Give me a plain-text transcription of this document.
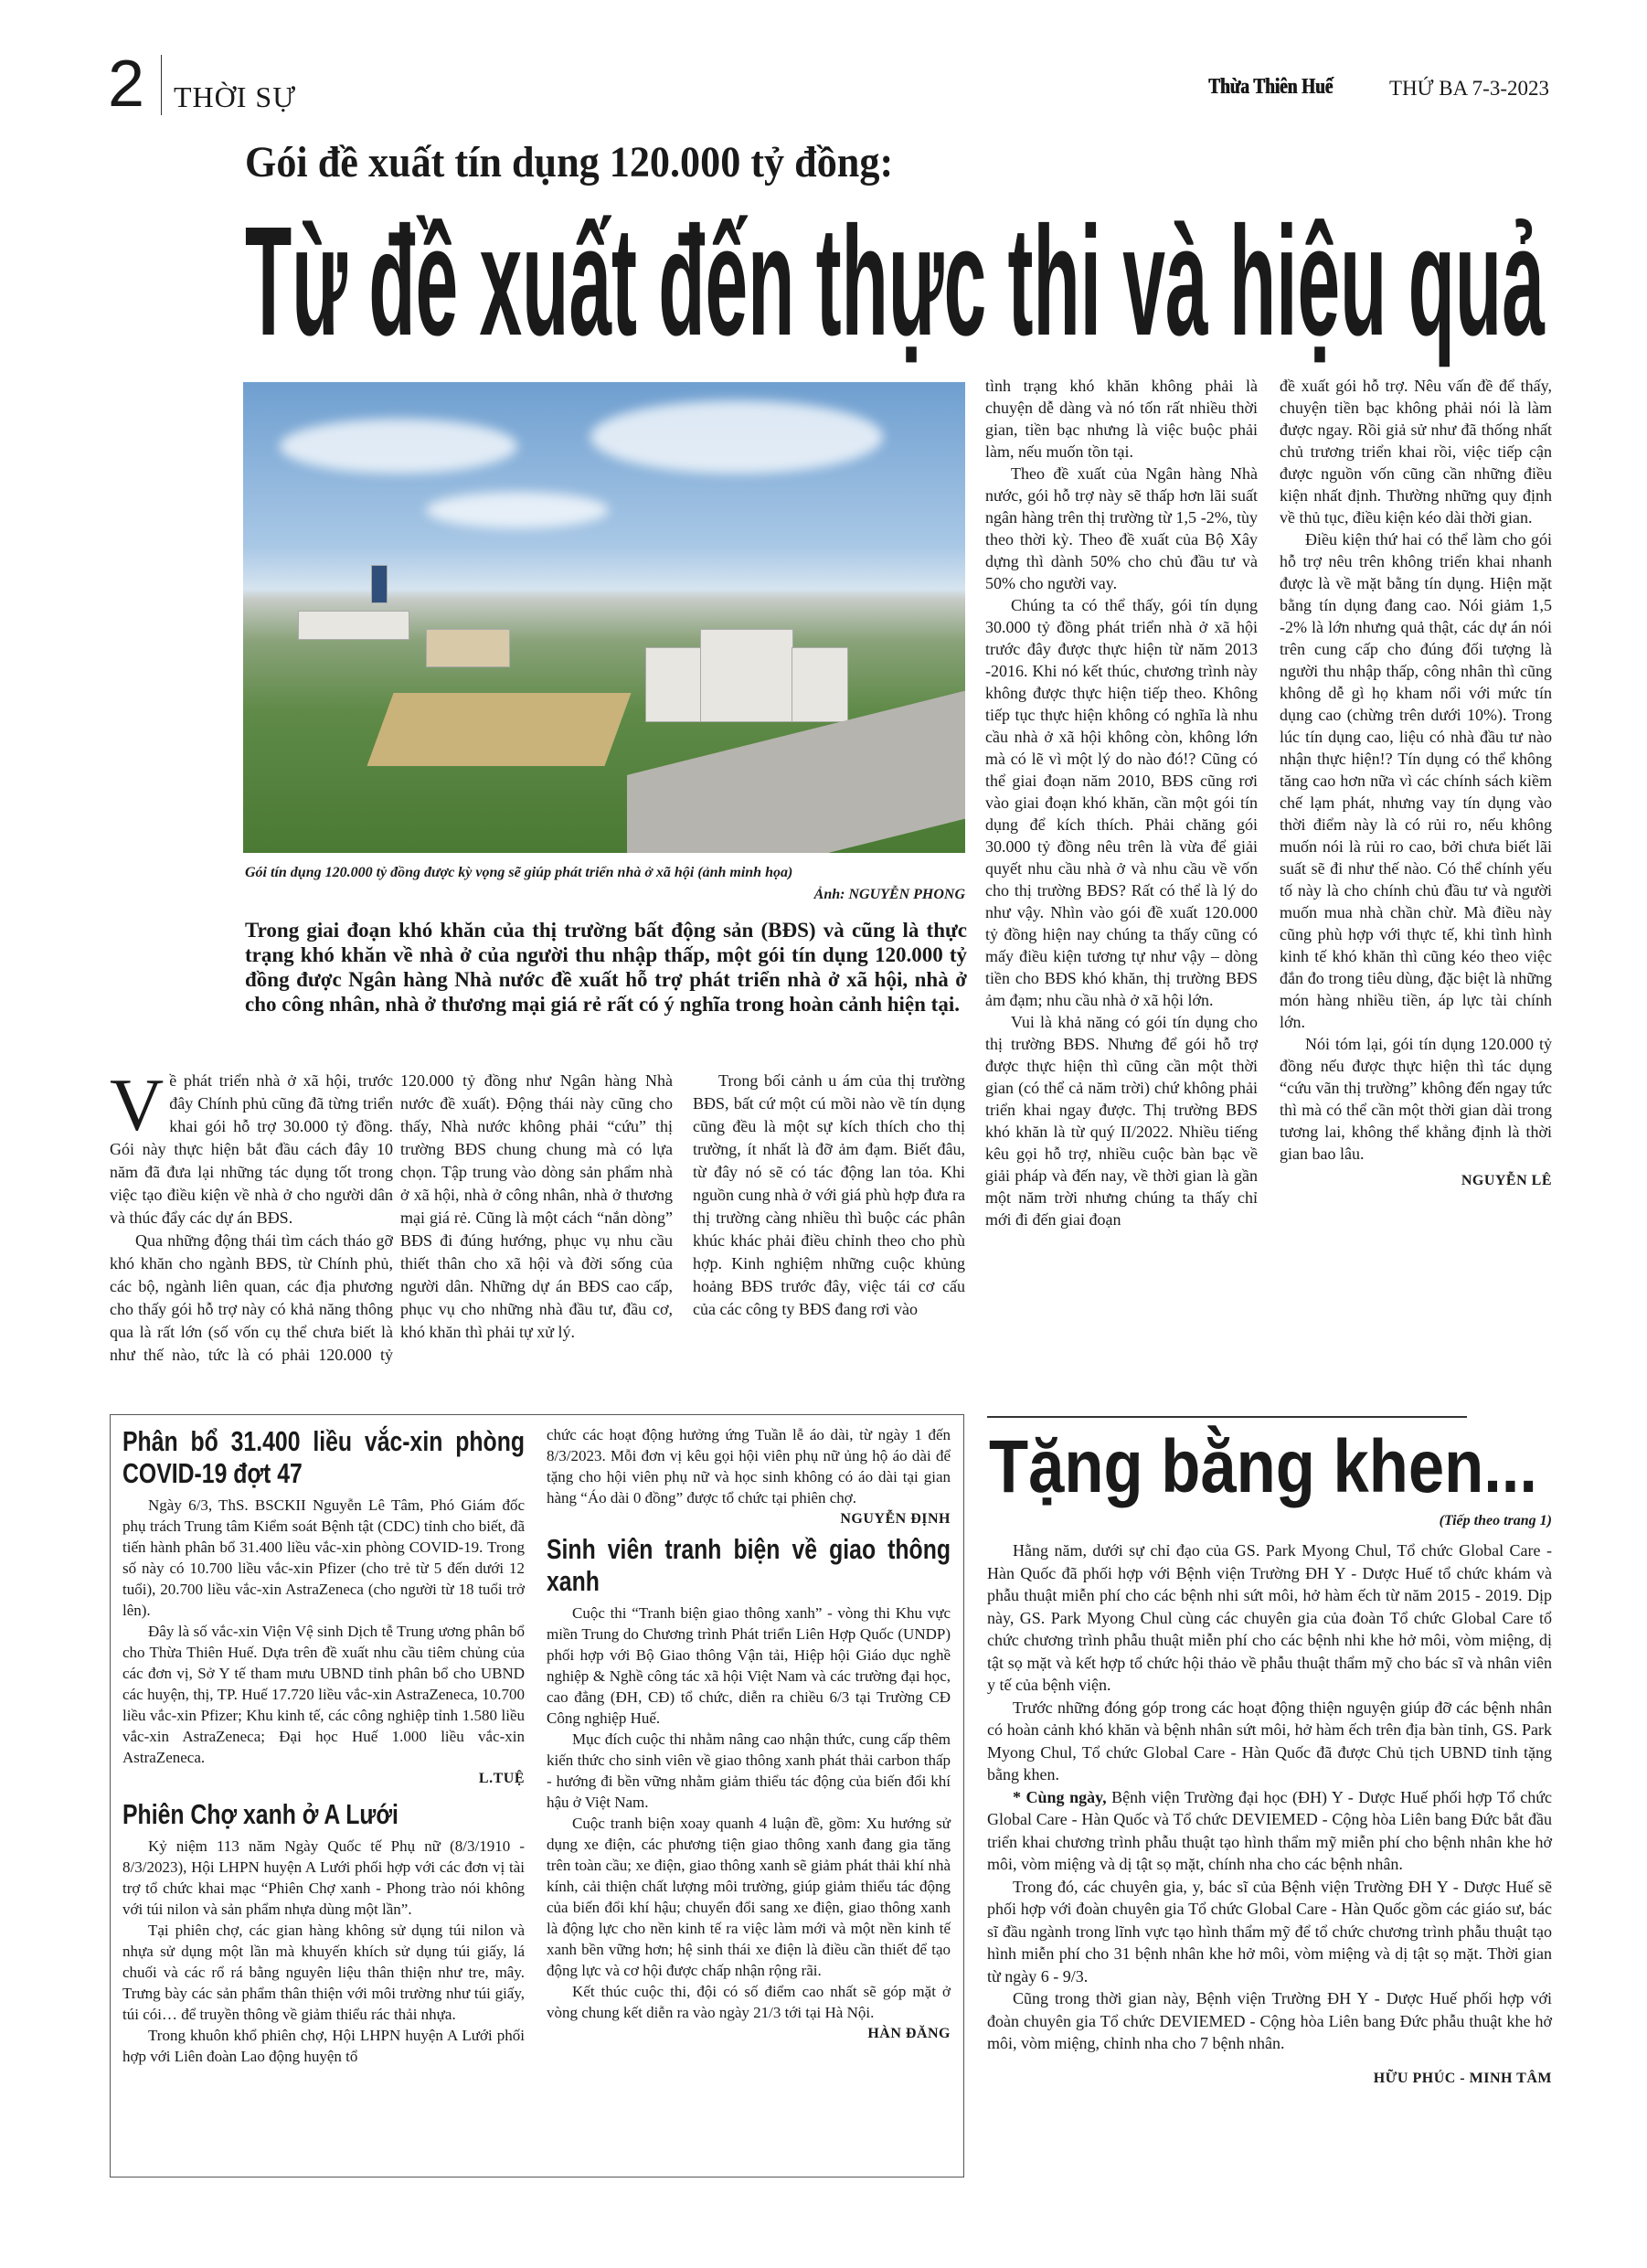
2 THỜI SỰ	Thừa Thiên Huế	THỨ BA 7-3-2023
Gói đề xuất tín dụng 120.000 tỷ đồng:
Từ đề xuất đến thực thi và hiệu quả
Gói tín dụng 120.000 tỷ đồng được kỳ vọng sẽ giúp phát triển nhà ở xã hội (ảnh minh họa)
Ảnh: NGUYỄN PHONG
Trong giai đoạn khó khăn của thị trường bất động sản (BĐS) và cũng là thực trạng khó khăn về nhà ở của người thu nhập thấp, một gói tín dụng 120.000 tỷ đồng được Ngân hàng Nhà nước đề xuất hỗ trợ phát triển nhà ở xã hội, nhà ở cho công nhân, nhà ở thương mại giá rẻ rất có ý nghĩa trong hoàn cảnh hiện tại.
V ề phát triển nhà ở xã hội, trước đây Chính phủ cũng đã từng triển khai gói hỗ trợ 30.000 tỷ đồng. Gói này thực hiện bắt đầu cách đây 10 năm đã đưa lại những tác dụng tốt trong việc tạo điều kiện về nhà ở cho người dân và thúc đẩy các dự án BĐS.

Qua những động thái tìm cách tháo gỡ khó khăn cho ngành BĐS, từ Chính phủ, các bộ, ngành liên quan, các địa phương cho thấy gói hỗ trợ này có khả năng thông qua là rất lớn (số vốn cụ thể chưa biết là như thế nào, tức là có phải 120.000 tỷ

120.000 tỷ đồng như Ngân hàng Nhà nước đề xuất). Động thái này cũng cho thấy, Nhà nước không phải “cứu” thị trường BĐS chung chung mà có lựa chọn. Tập trung vào dòng sản phẩm nhà ở xã hội, nhà ở công nhân, nhà ở thương mại giá rẻ. Cũng là một cách “nắn dòng” BĐS đi đúng hướng, phục vụ nhu cầu thiết thân cho xã hội và đời sống của người dân. Những dự án BĐS cao cấp, phục vụ cho những nhà đầu tư, đầu cơ, khó khăn thì phải tự xử lý.

Trong bối cảnh u ám của thị trường BĐS, bất cứ một cú mồi nào về tín dụng cũng đều là một sự kích thích cho thị trường, ít nhất là đỡ ảm đạm. Biết đâu, từ đây nó sẽ có tác động lan tỏa. Khi nguồn cung nhà ở với giá phù hợp đưa ra thị trường càng nhiều thì buộc các phân khúc khác phải điều chỉnh theo cho phù hợp. Kinh nghiệm những cuộc khủng hoảng BĐS trước đây, việc tái cơ cấu của các công ty BĐS đang rơi vào

tình trạng khó khăn không phải là chuyện dễ dàng và nó tốn rất nhiều thời gian, tiền bạc nhưng là việc buộc phải làm, nếu muốn tồn tại.

Theo đề xuất của Ngân hàng Nhà nước, gói hỗ trợ này sẽ thấp hơn lãi suất ngân hàng trên thị trường từ 1,5 -2%, tùy theo thời kỳ. Theo đề xuất của Bộ Xây dựng thì dành 50% cho chủ đầu tư và 50% cho người vay.

Chúng ta có thể thấy, gói tín dụng 30.000 tỷ đồng phát triển nhà ở xã hội trước đây được thực hiện từ năm 2013 -2016. Khi nó kết thúc, chương trình này không được thực hiện tiếp theo. Không tiếp tục thực hiện không có nghĩa là nhu cầu nhà ở xã hội không còn, không lớn mà có lẽ vì một lý do nào đó!? Cũng có thể giai đoạn năm 2010, BĐS cũng rơi vào giai đoạn khó khăn, cần một gói tín dụng để kích thích. Phải chăng gói 30.000 tỷ đồng nêu trên là vừa để giải quyết nhu cầu nhà ở và nhu cầu về vốn cho thị trường BĐS? Rất có thể là lý do như vậy. Nhìn vào gói đề xuất 120.000 tỷ đồng hiện nay chúng ta thấy cũng có mấy điều kiện tương tự như vậy – dòng tiền cho BĐS khó khăn, thị trường BĐS ảm đạm; nhu cầu nhà ở xã hội lớn.

Vui là khả năng có gói tín dụng cho thị trường BĐS. Nhưng để gói hỗ trợ được thực hiện thì cũng cần một thời gian (có thể cả năm trời) chứ không phải triển khai ngay được. Thị trường BĐS khó khăn là từ quý II/2022. Nhiều tiếng kêu gọi hỗ trợ, nhiều cuộc bàn bạc về giải pháp và đến nay, về thời gian là gần một năm trời nhưng chúng ta thấy chỉ mới đi đến giai đoạn

đề xuất gói hỗ trợ. Nêu vấn đề để thấy, chuyện tiền bạc không phải nói là làm được ngay. Rồi giả sử như đã thống nhất chủ trương triển khai rồi, việc tiếp cận được nguồn vốn cũng cần những điều kiện nhất định. Thường những quy định về thủ tục, điều kiện kéo dài thời gian.

Điều kiện thứ hai có thể làm cho gói hỗ trợ nêu trên không triển khai nhanh được là về mặt bằng tín dụng. Hiện mặt bằng tín dụng đang cao. Nói giảm 1,5 -2% là lớn nhưng quả thật, các dự án nói trên cung cấp cho đúng đối tượng là người thu nhập thấp, công nhân thì cũng không dễ gì họ kham nổi với mức tín dụng cao (chừng trên dưới 10%). Trong lúc tín dụng cao, liệu có nhà đầu tư nào nhận thực hiện!? Tín dụng có thể không tăng cao hơn nữa vì các chính sách kiềm chế lạm phát, nhưng vay tín dụng vào thời điểm này là có rủi ro, nếu không muốn nói là rủi ro cao, bởi chưa biết lãi suất sẽ đi như thế nào. Có thể chính yếu tố này là cho chính chủ đầu tư và người muốn mua nhà chần chừ. Mà điều này cũng phù hợp với thực tế, khi tình hình kinh tế khó khăn thì cũng kéo theo việc đắn đo trong tiêu dùng, đặc biệt là những món hàng nhiều tiền, áp lực tài chính lớn.

Nói tóm lại, gói tín dụng 120.000 tỷ đồng nếu được thực hiện thì tác dụng “cứu vãn thị trường” không đến ngay tức thì mà có thể cần một thời gian dài trong tương lai, không thể khẳng định là thời gian bao lâu.

NGUYỄN LÊ

Phân bổ 31.400 liều vắc-xin phòng COVID-19 đợt 47

Ngày 6/3, ThS. BSCKII Nguyễn Lê Tâm, Phó Giám đốc phụ trách Trung tâm Kiểm soát Bệnh tật (CDC) tỉnh cho biết, đã tiến hành phân bổ 31.400 liều vắc-xin phòng COVID-19. Trong số này có 10.700 liều vắc-xin Pfizer (cho trẻ từ 5 đến dưới 12 tuổi), 20.700 liều vắc-xin AstraZeneca (cho người từ 18 tuổi trở lên).

Đây là số vắc-xin Viện Vệ sinh Dịch tễ Trung ương phân bổ cho Thừa Thiên Huế. Dựa trên đề xuất nhu cầu tiêm chủng của các đơn vị, Sở Y tế tham mưu UBND tỉnh phân bổ cho UBND các huyện, thị, TP. Huế 17.720 liều vắc-xin AstraZeneca, 10.700 liều vắc-xin Pfizer; Khu kinh tế, các công nghiệp tỉnh 1.580 liều vắc-xin AstraZeneca; Đại học Huế 1.000 liều vắc-xin AstraZeneca.

L.TUỆ

Phiên Chợ xanh ở A Lưới

Kỷ niệm 113 năm Ngày Quốc tế Phụ nữ (8/3/1910 - 8/3/2023), Hội LHPN huyện A Lưới phối hợp với các đơn vị tài trợ tổ chức khai mạc “Phiên Chợ xanh - Phong trào nói không với túi nilon và sản phẩm nhựa dùng một lần”.

Tại phiên chợ, các gian hàng không sử dụng túi nilon và nhựa sử dụng một lần mà khuyến khích sử dụng túi giấy, lá chuối và các rổ rá bằng nguyên liệu thân thiện như tre, mây. Trưng bày các sản phẩm thân thiện với môi trường như túi giấy, túi cói… để truyền thông về giảm thiểu rác thải nhựa.

Trong khuôn khổ phiên chợ, Hội LHPN huyện A Lưới phối hợp với Liên đoàn Lao động huyện tổ

chức các hoạt động hưởng ứng Tuần lễ áo dài, từ ngày 1 đến 8/3/2023. Mỗi đơn vị kêu gọi hội viên phụ nữ ủng hộ áo dài để tặng cho hội viên phụ nữ và học sinh không có áo dài tại gian hàng “Áo dài 0 đồng” được tổ chức tại phiên chợ.

NGUYỄN ĐỊNH

Sinh viên tranh biện về giao thông xanh

Cuộc thi “Tranh biện giao thông xanh” - vòng thi Khu vực miền Trung do Chương trình Phát triển Liên Hợp Quốc (UNDP) phối hợp với Bộ Giao thông Vận tải, Hiệp hội Giáo dục nghề nghiệp & Nghề công tác xã hội Việt Nam và các trường đại học, cao đẳng (ĐH, CĐ) tổ chức, diễn ra chiều 6/3 tại Trường CĐ Công nghiệp Huế.

Mục đích cuộc thi nhằm nâng cao nhận thức, cung cấp thêm kiến thức cho sinh viên về giao thông xanh phát thải carbon thấp - hướng đi bền vững nhằm giảm thiểu tác động của biến đổi khí hậu ở Việt Nam.

Cuộc tranh biện xoay quanh 4 luận đề, gồm: Xu hướng sử dụng xe điện, các phương tiện giao thông xanh đang gia tăng trên toàn cầu; xe điện, giao thông xanh sẽ giảm phát thải khí nhà kính, cải thiện chất lượng môi trường, giúp giảm thiểu tác động của biến đổi khí hậu; chuyển đổi sang xe điện, giao thông xanh là động lực cho nền kinh tế ra việc làm mới và một nền kinh tế xanh bền vững hơn; hệ sinh thái xe điện là điều cần thiết để tạo động lực và cơ hội được chấp nhận rộng rãi.

Kết thúc cuộc thi, đội có số điểm cao nhất sẽ góp mặt ở vòng chung kết diễn ra vào ngày 21/3 tới tại Hà Nội.

HÀN ĐĂNG

Tặng bằng khen...
(Tiếp theo trang 1)

Hằng năm, dưới sự chỉ đạo của GS. Park Myong Chul, Tổ chức Global Care - Hàn Quốc đã phối hợp với Bệnh viện Trường ĐH Y - Dược Huế tổ chức khám và phẫu thuật miễn phí cho các bệnh nhi sứt môi, hở hàm ếch từ năm 2015 - 2019. Dịp này, GS. Park Myong Chul cùng các chuyên gia của đoàn Tổ chức Global Care tổ chức chương trình phẫu thuật miễn phí cho các bệnh nhi khe hở môi, vòm miệng, dị tật sọ mặt và kết hợp tổ chức hội thảo về phẫu thuật thẩm mỹ cho bác sĩ và nhân viên y tế của bệnh viện.

Trước những đóng góp trong các hoạt động thiện nguyện giúp đỡ các bệnh nhân có hoàn cảnh khó khăn và bệnh nhân sứt môi, hở hàm ếch trên địa bàn tỉnh, GS. Park Myong Chul, Tổ chức Global Care - Hàn Quốc đã được Chủ tịch UBND tỉnh tặng bằng khen.

* Cùng ngày, Bệnh viện Trường đại học (ĐH) Y - Dược Huế phối hợp Tổ chức Global Care - Hàn Quốc và Tổ chức DEVIEMED - Cộng hòa Liên bang Đức bắt đầu triển khai chương trình phẫu thuật tạo hình thẩm mỹ miễn phí cho bệnh nhân khe hở môi, vòm miệng và dị tật sọ mặt, chính nha cho các bệnh nhân.

Trong đó, các chuyên gia, y, bác sĩ của Bệnh viện Trường ĐH Y - Dược Huế sẽ phối hợp với đoàn chuyên gia Tổ chức Global Care - Hàn Quốc gồm các giáo sư, bác sĩ đầu ngành trong lĩnh vực tạo hình thẩm mỹ để tổ chức chương trình phẫu thuật tạo hình miễn phí cho 31 bệnh nhân khe hở môi, vòm miệng và dị tật sọ mặt. Thời gian từ ngày 6 - 9/3.

Cũng trong thời gian này, Bệnh viện Trường ĐH Y - Dược Huế phối hợp với đoàn chuyên gia Tổ chức DEVIEMED - Cộng hòa Liên bang Đức phẫu thuật khe hở môi, vòm miệng, chỉnh nha cho 7 bệnh nhân.

HỮU PHÚC - MINH TÂM
